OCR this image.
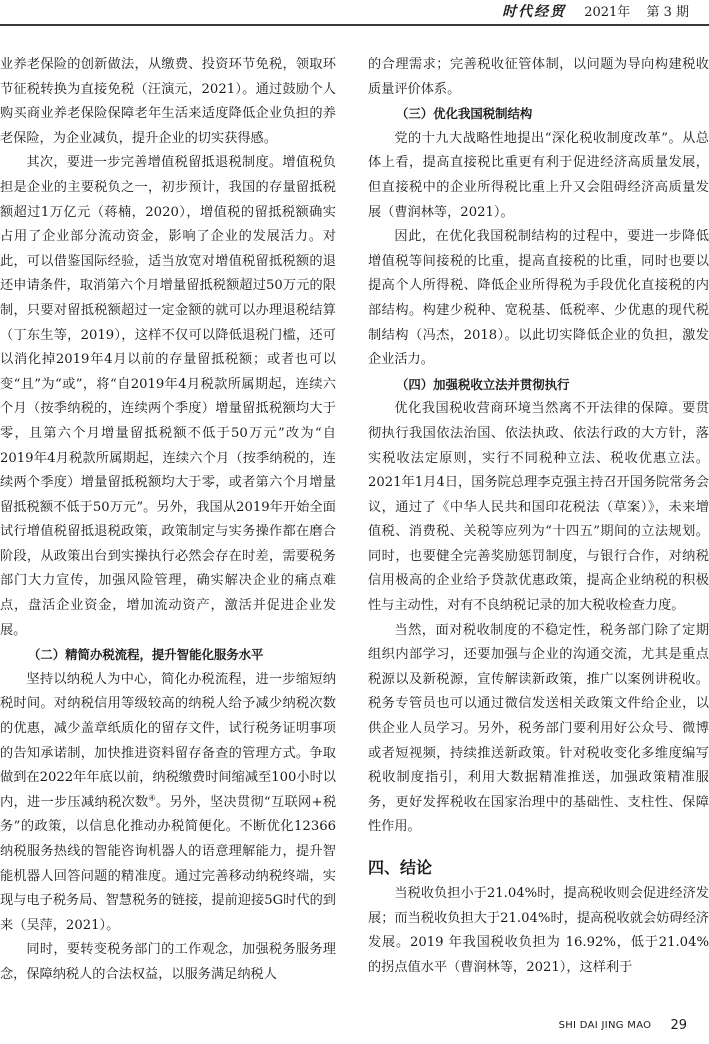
时代经贸 2021年 第 3 期

业养老保险的创新做法，从缴费、投资环节免税，领取环节征税转换为直接免税（汪演元，2021）。通过鼓励个人购买商业养老保险保障老年生活来适度降低企业负担的养老保险，为企业减负，提升企业的切实获得感。

其次，要进一步完善增值税留抵退税制度。增值税负担是企业的主要税负之一，初步预计，我国的存量留抵税额超过1万亿元（蒋楠，2020），增值税的留抵税额确实占用了企业部分流动资金，影响了企业的发展活力。对此，可以借鉴国际经验，适当放宽对增值税留抵税额的退还申请条件，取消第六个月增量留抵税额超过50万元的限制，只要对留抵税额超过一定金额的就可以办理退税结算（丁东生等，2019），这样不仅可以降低退税门槛，还可以消化掉2019年4月以前的存量留抵税额；或者也可以变“且”为“或”，将“自2019年4月税款所属期起，连续六个月（按季纳税的，连续两个季度）增量留抵税额均大于零，且第六个月增量留抵税额不低于50万元”改为“自2019年4月税款所属期起，连续六个月（按季纳税的，连续两个季度）增量留抵税额均大于零，或者第六个月增量留抵税额不低于50万元”。另外，我国从2019年开始全面试行增值税留抵退税政策，政策制定与实务操作都在磨合阶段，从政策出台到实操执行必然会存在时差，需要税务部门大力宣传，加强风险管理，确实解决企业的痛点难点，盘活企业资金，增加流动资产，激活并促进企业发展。

（二）精简办税流程，提升智能化服务水平

坚持以纳税人为中心，简化办税流程，进一步缩短纳税时间。对纳税信用等级较高的纳税人给予减少纳税次数的优惠，减少盖章纸质化的留存文件，试行税务证明事项的告知承诺制，加快推进资料留存备查的管理方式。争取做到在2022年年底以前，纳税缴费时间缩减至100小时以内，进一步压减纳税次数④。另外，坚决贯彻“互联网+税务”的政策，以信息化推动办税简便化。不断优化12366纳税服务热线的智能咨询机器人的语意理解能力，提升智能机器人回答问题的精准度。通过完善移动纳税终端，实现与电子税务局、智慧税务的链接，提前迎接5G时代的到来（吴萍，2021）。

同时，要转变税务部门的工作观念，加强税务服务理念，保障纳税人的合法权益，以服务满足纳税人

的合理需求；完善税收征管体制，以问题为导向构建税收质量评价体系。

（三）优化我国税制结构

党的十九大战略性地提出“深化税收制度改革”。从总体上看，提高直接税比重更有利于促进经济高质量发展，但直接税中的企业所得税比重上升又会阻碍经济高质量发展（曹润林等，2021）。

因此，在优化我国税制结构的过程中，要进一步降低增值税等间接税的比重，提高直接税的比重，同时也要以提高个人所得税、降低企业所得税为手段优化直接税的内部结构。构建少税种、宽税基、低税率、少优惠的现代税制结构（冯杰，2018）。以此切实降低企业的负担，激发企业活力。

（四）加强税收立法并贯彻执行

优化我国税收营商环境当然离不开法律的保障。要贯彻执行我国依法治国、依法执政、依法行政的大方针，落实税收法定原则，实行不同税种立法、税收优惠立法。2021年1月4日，国务院总理李克强主持召开国务院常务会议，通过了《中华人民共和国印花税法（草案）》，未来增值税、消费税、关税等应列为“十四五”期间的立法规划。同时，也要健全完善奖励惩罚制度，与银行合作，对纳税信用极高的企业给予贷款优惠政策，提高企业纳税的积极性与主动性，对有不良纳税记录的加大税收检查力度。

当然，面对税收制度的不稳定性，税务部门除了定期组织内部学习，还要加强与企业的沟通交流，尤其是重点税源以及新税源，宣传解读新政策，推广以案例讲税收。税务专管员也可以通过微信发送相关政策文件给企业，以供企业人员学习。另外，税务部门要利用好公众号、微博或者短视频，持续推送新政策。针对税收变化多维度编写税收制度指引，利用大数据精准推送，加强政策精准服务，更好发挥税收在国家治理中的基础性、支柱性、保障性作用。

四、结论

当税收负担小于21.04%时，提高税收则会促进经济发展；而当税收负担大于21.04%时，提高税收就会妨碍经济发展。2019 年我国税收负担为 16.92%，低于21.04% 的拐点值水平（曹润林等，2021），这样利于

SHI DAI JING MAO 29
